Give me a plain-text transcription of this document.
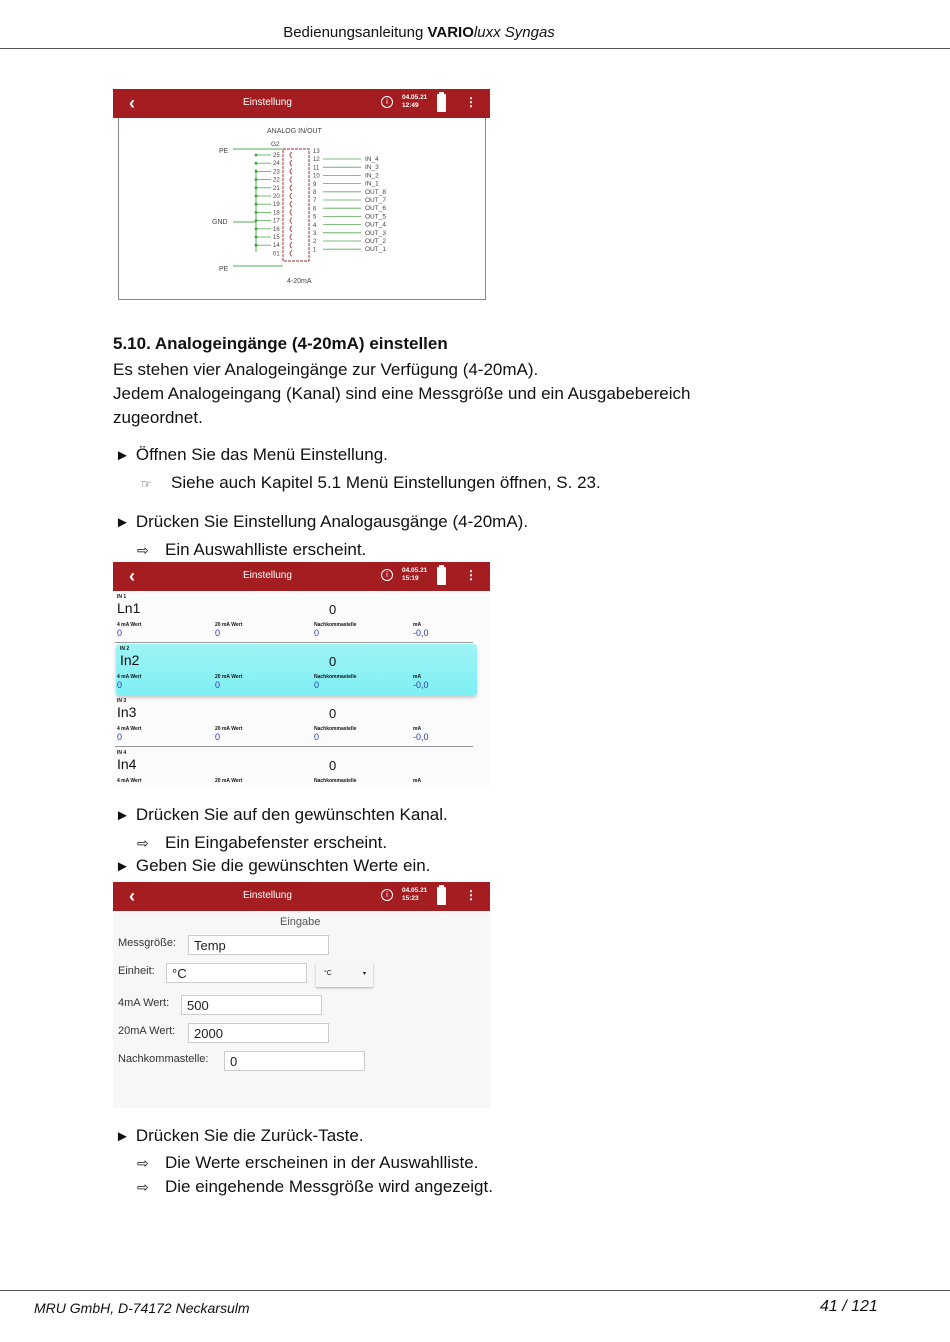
Bedienungsanleitung VARIOluxx Syngas
‹	Einstellung	i	04.05.21
12:49	⋮
ANALOG IN/OUT
G2
PE
GND
PE
4-20mA
25
24
23
22
21
20
19
18
17
16
15
14
01
13
12
11
10
9
8
7
6
5
4
3
2
1
IN_4
IN_3
IN_2
IN_1
OUT_8
OUT_7
OUT_6
OUT_5
OUT_4
OUT_3
OUT_2
OUT_1
5.10. Analogeingänge (4-20mA) einstellen
Es stehen vier Analogeingänge zur Verfügung (4-20mA).
Jedem Analogeingang (Kanal) sind eine Messgröße und ein Ausgabebereich
zugeordnet.
► Öffnen Sie das Menü Einstellung.
☞ Siehe auch Kapitel 5.1 Menü Einstellungen öffnen, S. 23.
► Drücken Sie Einstellung Analogausgänge (4-20mA).
⇨ Ein Auswahlliste erscheint.
‹	Einstellung	i	04.05.21
15:19	⋮
IN 1
Ln1	0
4 mA Wert	20 mA Wert	Nachkommastelle	mA
0	0	0	-0,0
IN 2
In2	0
4 mA Wert	20 mA Wert	Nachkommastelle	mA
0	0	0	-0,0
IN 3
In3	0
4 mA Wert	20 mA Wert	Nachkommastelle	mA
0	0	0	-0,0
IN 4
In4	0
4 mA Wert	20 mA Wert	Nachkommastelle	mA
► Drücken Sie auf den gewünschten Kanal.
⇨ Ein Eingabefenster erscheint.
► Geben Sie die gewünschten Werte ein.
‹	Einstellung	i	04.05.21
15:23	⋮
Eingabe
Messgröße:	Temp
Einheit:	°C	°C	▾
4mA Wert:	500
20mA Wert:	2000
Nachkommastelle:	0
► Drücken Sie die Zurück-Taste.
⇨ Die Werte erscheinen in der Auswahlliste.
⇨ Die eingehende Messgröße wird angezeigt.
MRU GmbH, D-74172 Neckarsulm	41 / 121
